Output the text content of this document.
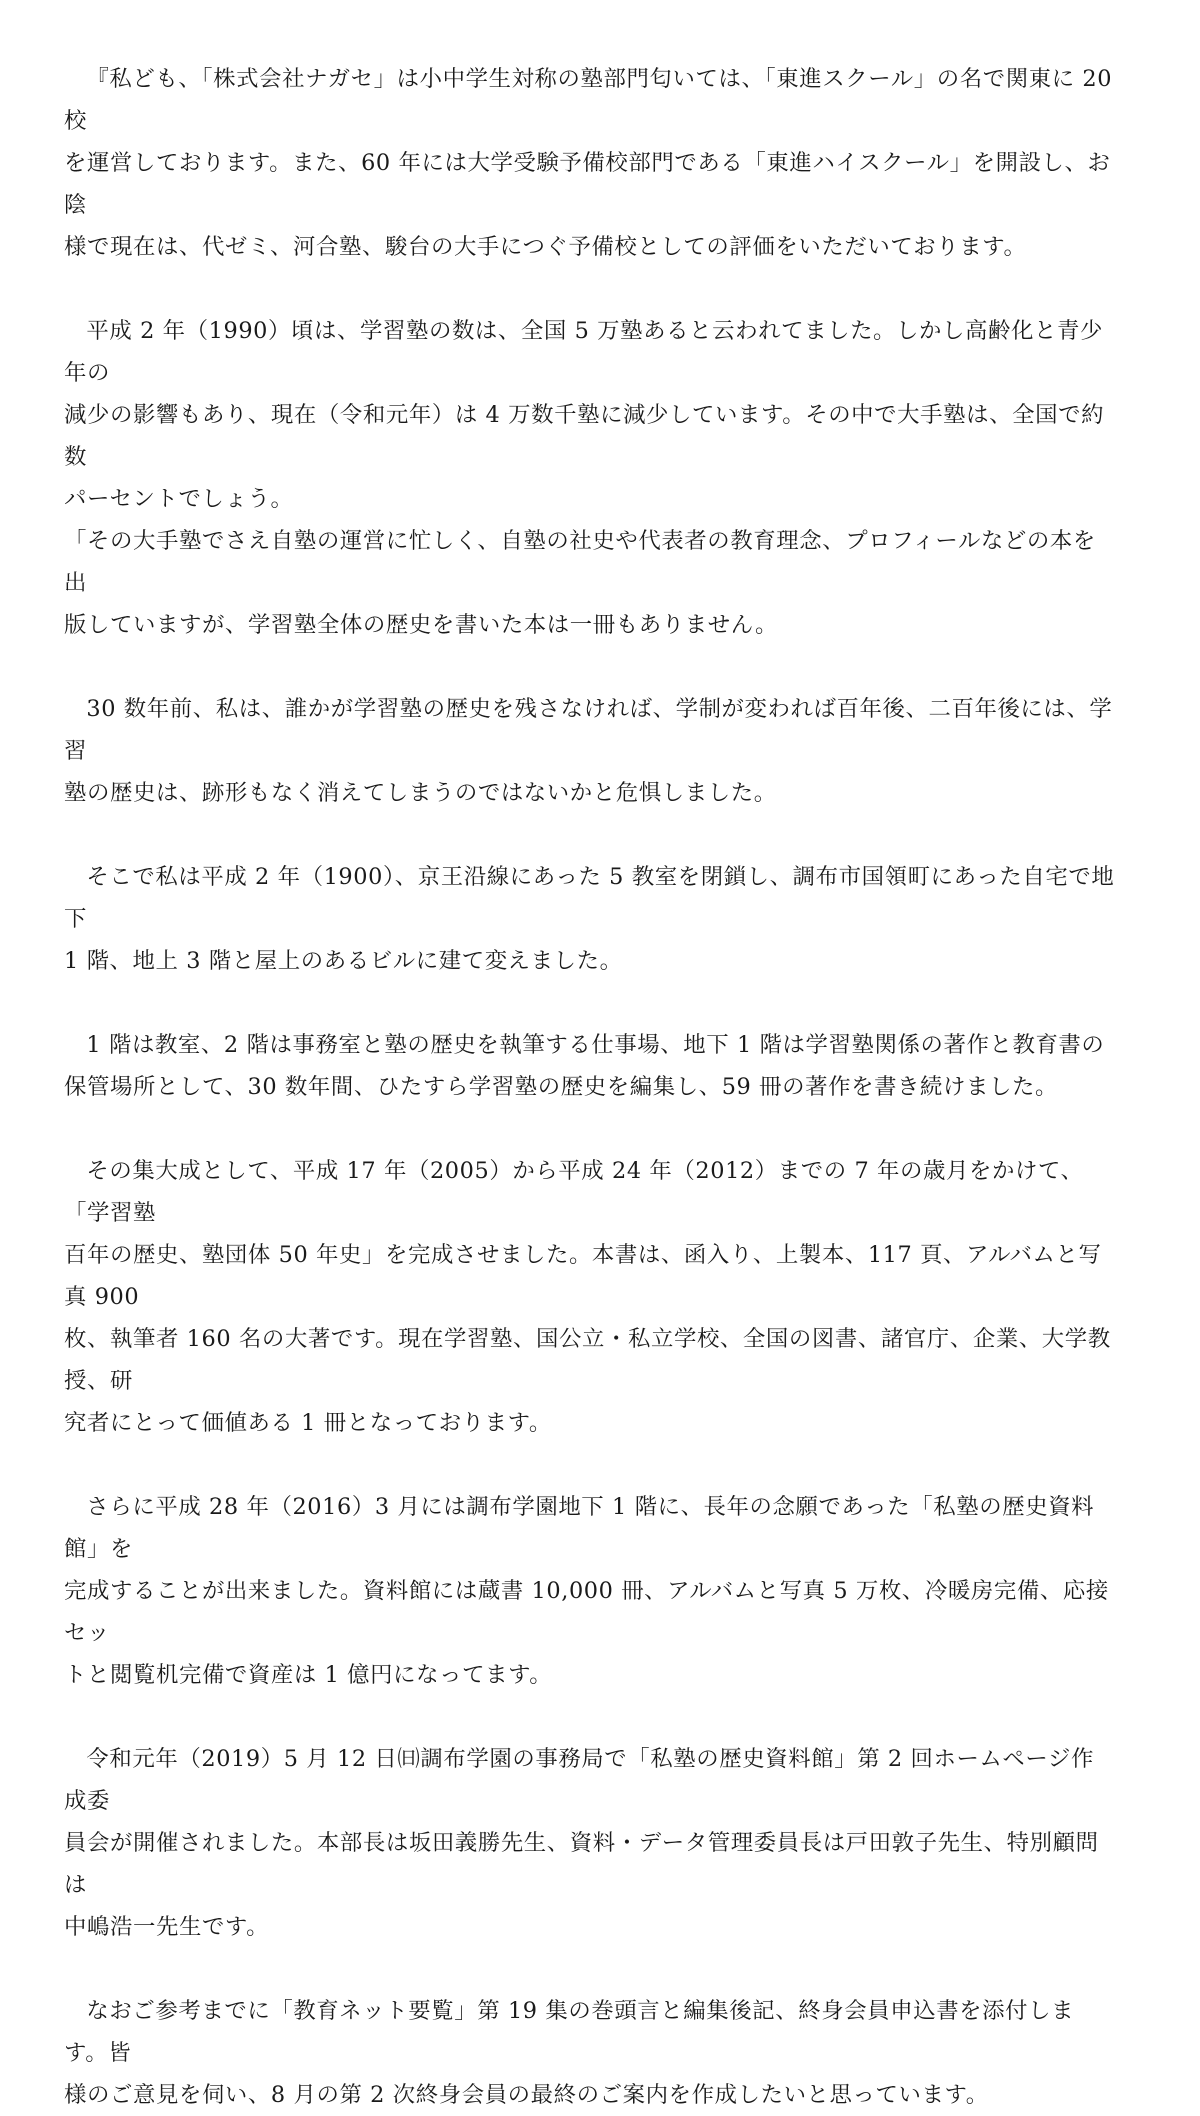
『私ども、「株式会社ナガセ」は小中学生対称の塾部門匂いては、「東進スクール」の名で関東に 20 校
を運営しております。また、60 年には大学受験予備校部門である「東進ハイスクール」を開設し、お陰
様で現在は、代ゼミ、河合塾、駿台の大手につぐ予備校としての評価をいただいております。

平成 2 年（1990）頃は、学習塾の数は、全国 5 万塾あると云われてました。しかし高齢化と青少年の
減少の影響もあり、現在（令和元年）は 4 万数千塾に減少しています。その中で大手塾は、全国で約数
パーセントでしょう。

「その大手塾でさえ自塾の運営に忙しく、自塾の社史や代表者の教育理念、プロフィールなどの本を出
版していますが、学習塾全体の歴史を書いた本は一冊もありません。

30 数年前、私は、誰かが学習塾の歴史を残さなければ、学制が変われば百年後、二百年後には、学習
塾の歴史は、跡形もなく消えてしまうのではないかと危惧しました。

そこで私は平成 2 年（1900）、京王沿線にあった 5 教室を閉鎖し、調布市国領町にあった自宅で地下
1 階、地上 3 階と屋上のあるビルに建て変えました。

1 階は教室、2 階は事務室と塾の歴史を執筆する仕事場、地下 1 階は学習塾関係の著作と教育書の
保管場所として、30 数年間、ひたすら学習塾の歴史を編集し、59 冊の著作を書き続けました。

その集大成として、平成 17 年（2005）から平成 24 年（2012）までの 7 年の歳月をかけて、「学習塾
百年の歴史、塾団体 50 年史」を完成させました。本書は、函入り、上製本、117 頁、アルバムと写真 900
枚、執筆者 160 名の大著です。現在学習塾、国公立・私立学校、全国の図書、諸官庁、企業、大学教授、研
究者にとって価値ある 1 冊となっております。

さらに平成 28 年（2016）3 月には調布学園地下 1 階に、長年の念願であった「私塾の歴史資料館」を
完成することが出来ました。資料館には蔵書 10,000 冊、アルバムと写真 5 万枚、冷暖房完備、応接セッ
トと閲覧机完備で資産は 1 億円になってます。

令和元年（2019）5 月 12 日㈰調布学園の事務局で「私塾の歴史資料館」第 2 回ホームページ作成委
員会が開催されました。本部長は坂田義勝先生、資料・データ管理委員長は戸田敦子先生、特別顧問は
中嶋浩一先生です。

なおご参考までに「教育ネット要覧」第 19 集の巻頭言と編集後記、終身会員申込書を添付します。皆
様のご意見を伺い、8 月の第 2 次終身会員の最終のご案内を作成したいと思っています。
